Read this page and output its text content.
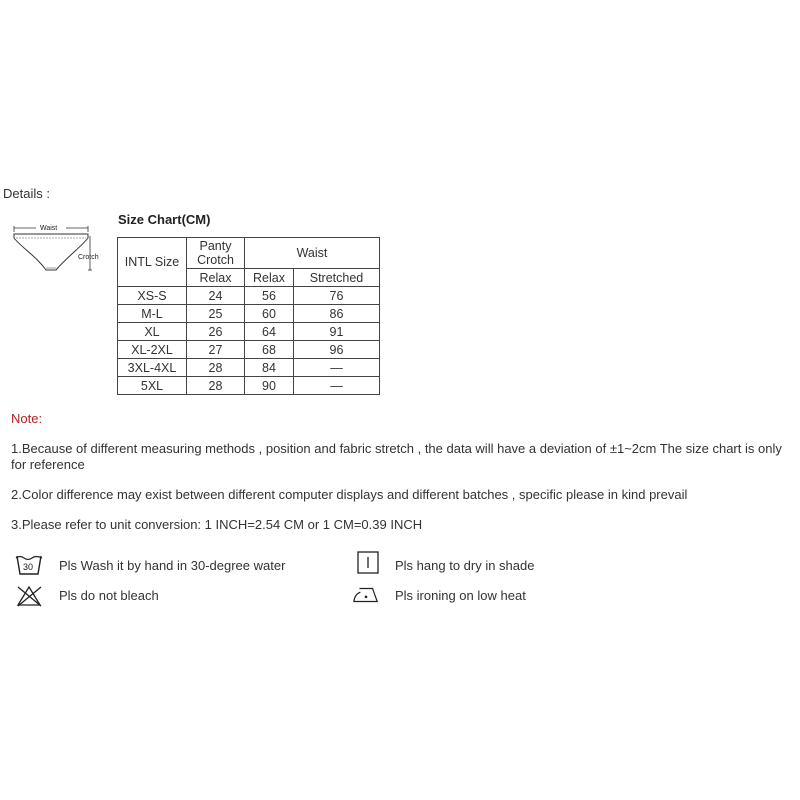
Details :
Waist
Crotch
Size Chart(CM)
INTL Size	Panty Crotch	Waist	
	Relax	Relax	Stretched
XS-S	24	56	76
M-L	25	60	86
XL	26	64	91
XL-2XL	27	68	96
3XL-4XL	28	84	—
5XL	28	90	—
Note:
1.Because of different measuring methods , position and fabric stretch , the data will have a deviation of ±1~2cm The size chart is only for reference
2.Color difference may exist between different computer displays and different batches , specific please in kind prevail
3.Please refer to unit conversion: 1 INCH=2.54 CM or 1 CM=0.39 INCH
30 Pls Wash it by hand in 30-degree water	Pls hang to dry in shade
Pls do not bleach	Pls ironing on low heat
